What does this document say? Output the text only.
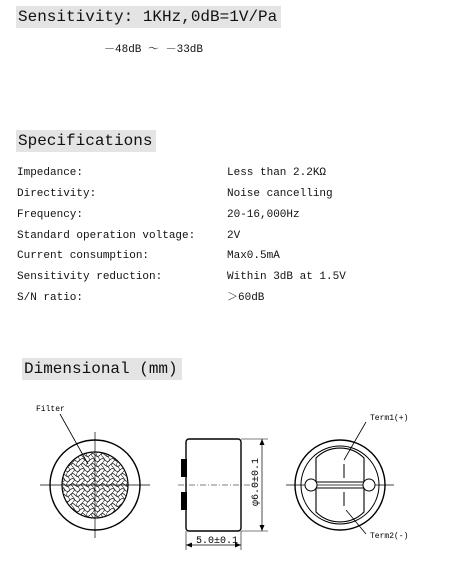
Sensitivity: 1KHz,0dB=1V/Pa
－48dB ～ －33dB
Specifications
Impedance:	Less than 2.2KΩ
Directivity:	Noise cancelling
Frequency:	20-16,000Hz
Standard operation voltage:	2V
Current consumption:	Max0.5mA
Sensitivity reduction:	Within 3dB at 1.5V
S/N ratio:	＞60dB
Dimensional (mm)
Filter
φ6.0±0.1
5.0±0.1
Term1(+)
Term2(-)
